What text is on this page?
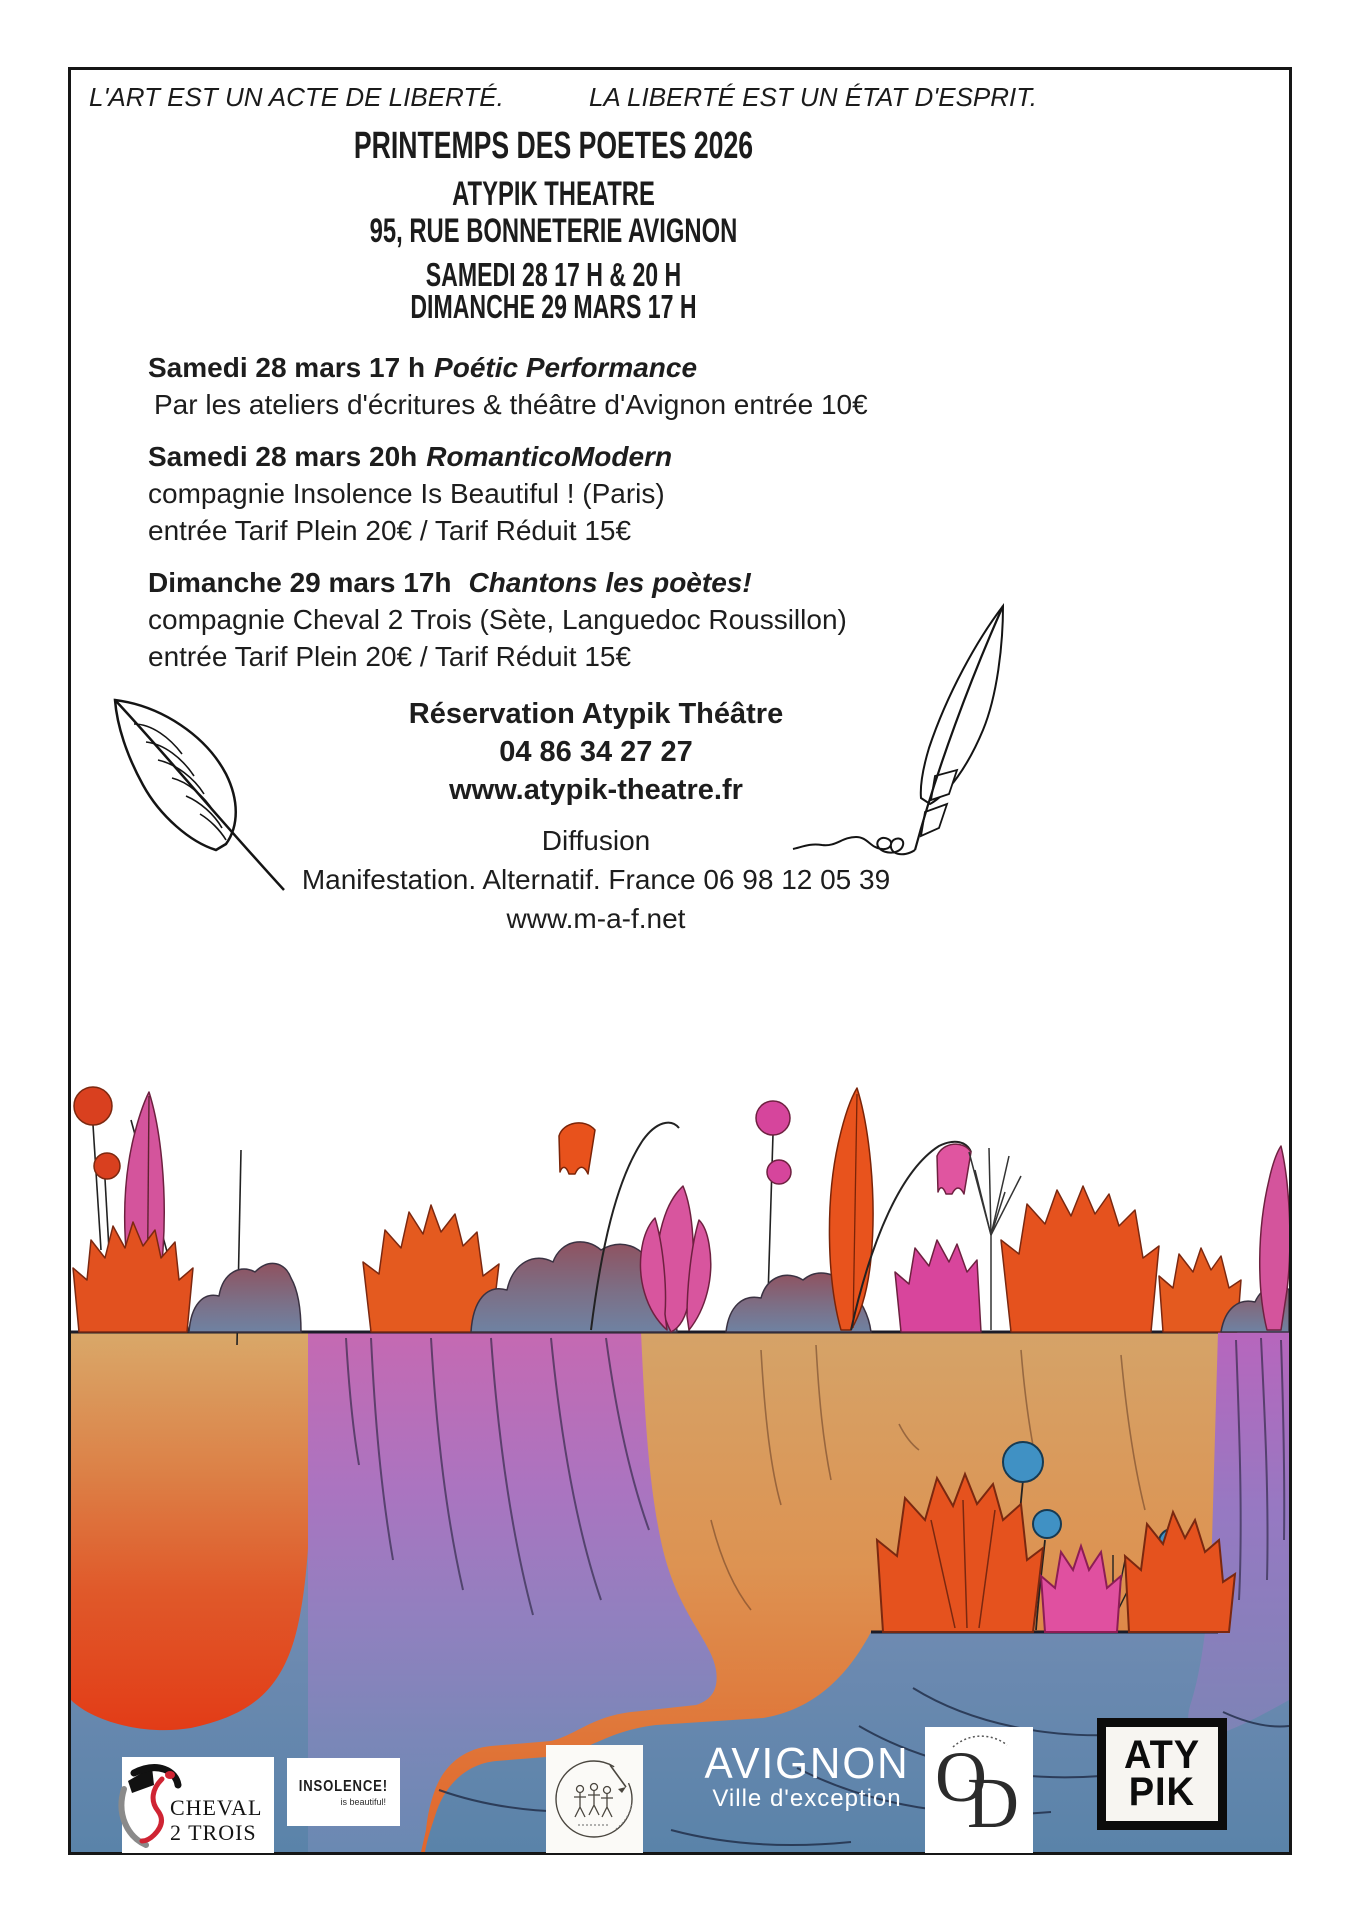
L'ART EST UN ACTE DE LIBERTÉ.	LA LIBERTÉ EST UN ÉTAT D'ESPRIT.
PRINTEMPS DES POETES 2026
ATYPIK THEATRE
95, RUE BONNETERIE AVIGNON
SAMEDI 28 17 H & 20 H
DIMANCHE 29 MARS 17 H
Samedi 28 mars 17 h Poétic Performance
Par les ateliers d'écritures & théâtre d'Avignon entrée 10€
Samedi 28 mars 20h RomanticoModern
compagnie Insolence Is Beautiful ! (Paris)
entrée Tarif Plein 20€ / Tarif Réduit 15€
Dimanche 29 mars 17h Chantons les poètes!
compagnie Cheval 2 Trois (Sète, Languedoc Roussillon)
entrée Tarif Plein 20€ / Tarif Réduit 15€
Réservation Atypik Théâtre
04 86 34 27 27
www.atypik-theatre.fr
Diffusion
Manifestation. Alternatif. France 06 98 12 05 39
www.m-a-f.net
CHEVAL
2 TROIS
INSOLENCE!
is beautiful!
AVIGNON
Ville d'exception O
D
ATY
PIK
